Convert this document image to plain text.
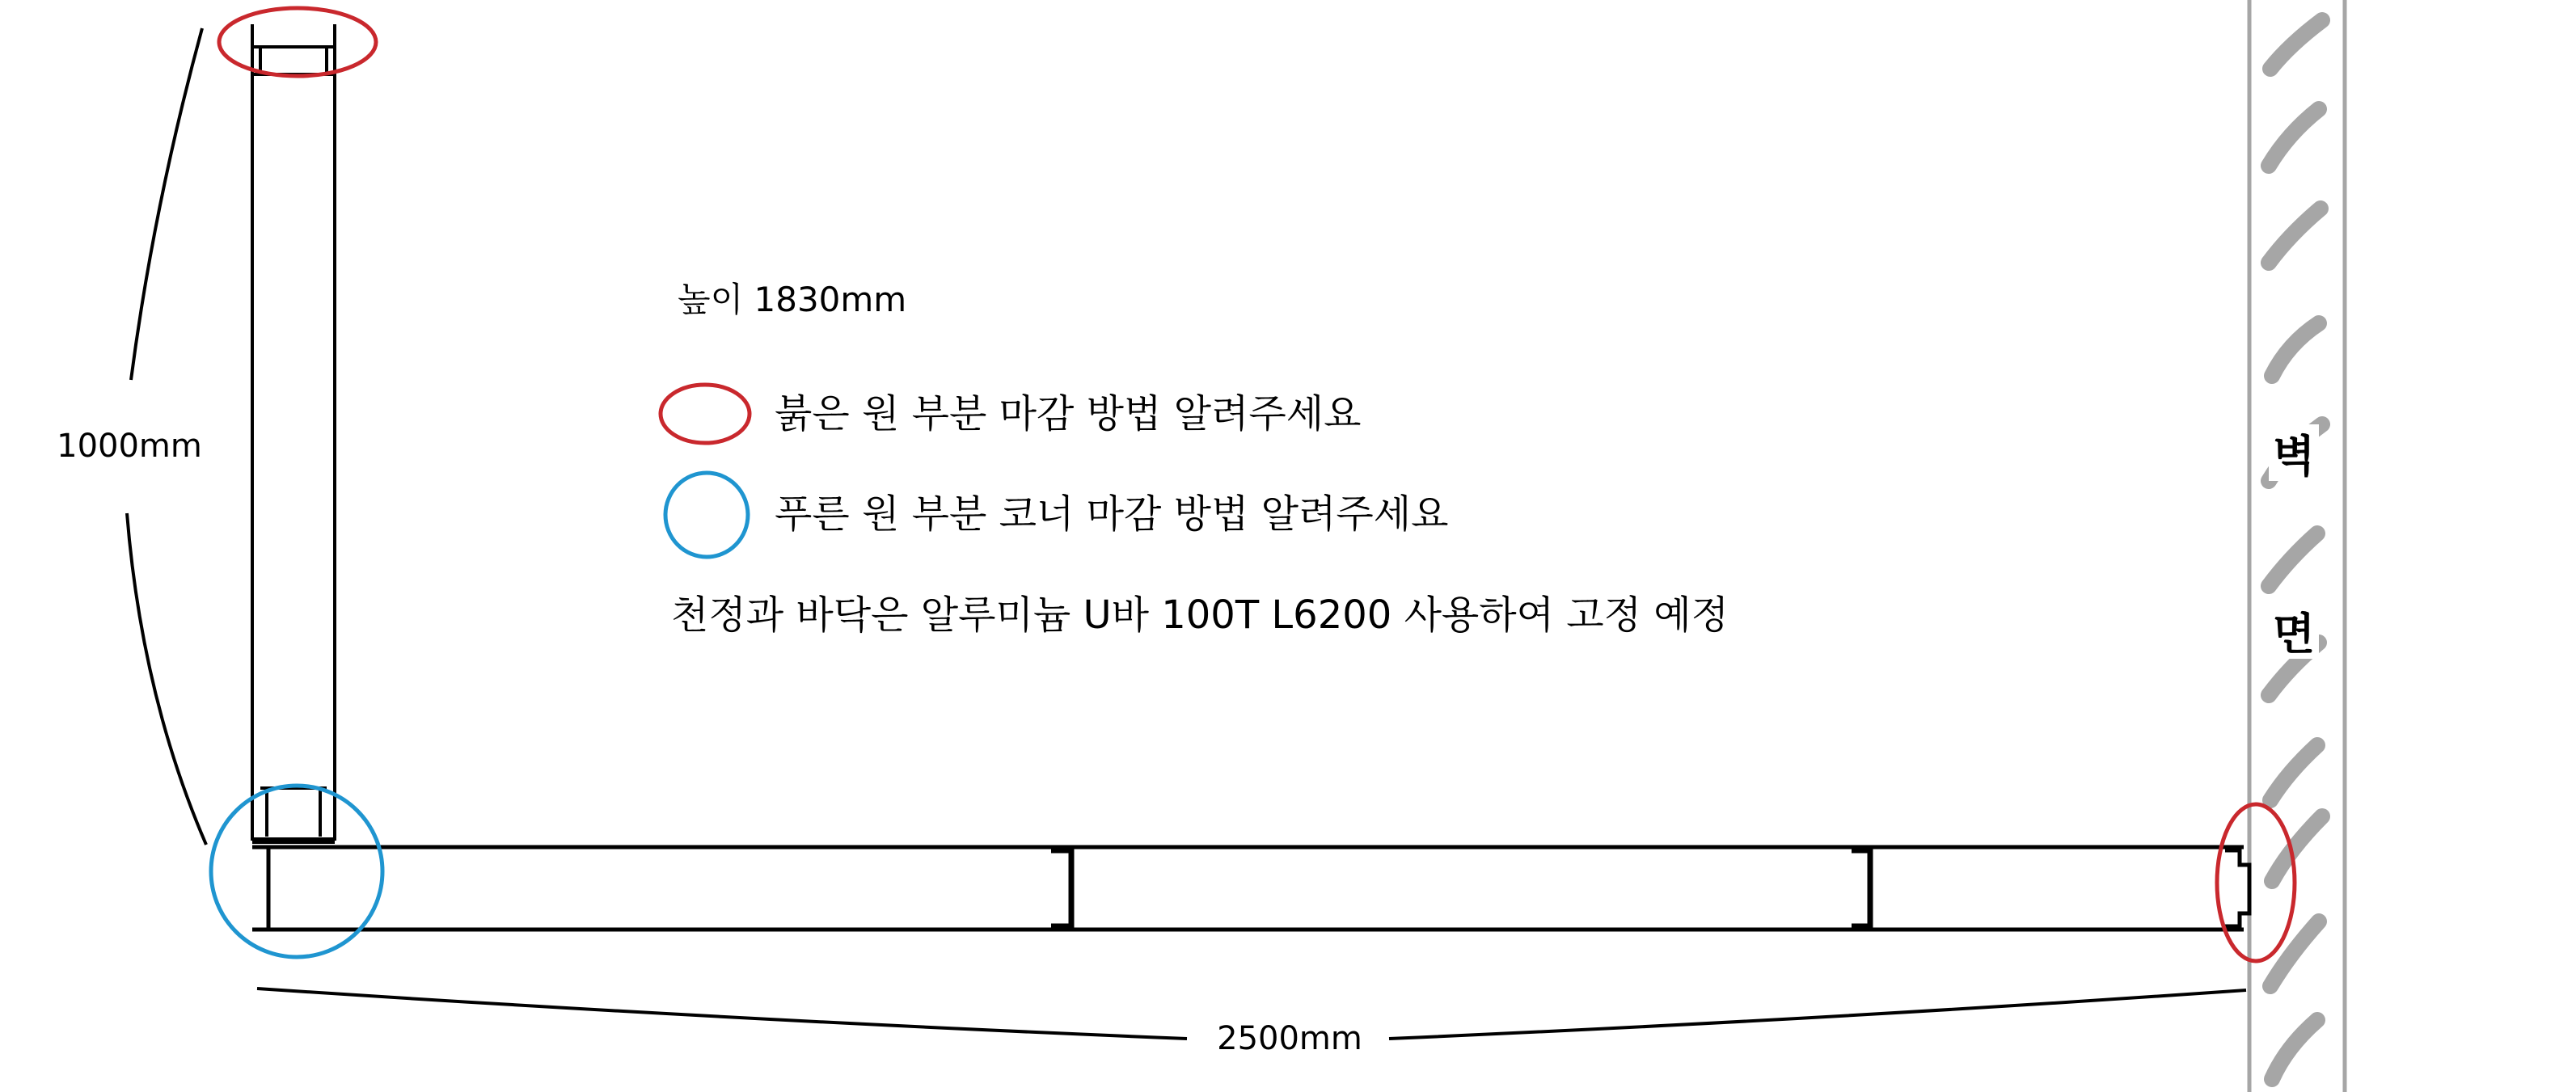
벽
면
1000mm
2500mm
높이 1830mm
붉은 원 부분 마감 방법 알려주세요
푸른 원 부분 코너 마감 방법 알려주세요
천정과 바닥은 알루미늄 U바 100T L6200 사용하여 고정 예정
